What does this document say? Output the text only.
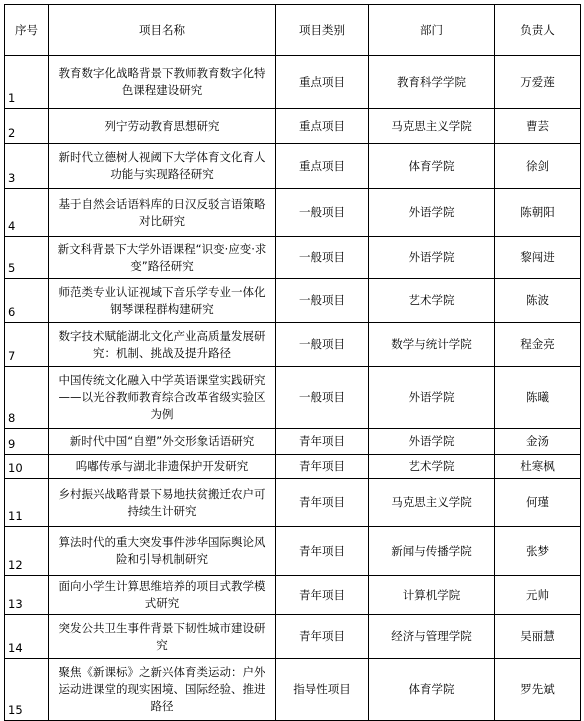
序号	项目名称	项目类别	部门	负责人
1	教育数字化战略背景下教师教育数字化特色课程建设研究	重点项目	教育科学学院	万爱莲
2	列宁劳动教育思想研究	重点项目	马克思主义学院	曹芸
3	新时代立德树人视阈下大学体育文化育人功能与实现路径研究	重点项目	体育学院	徐剑
4	基于自然会话语料库的日汉反驳言语策略对比研究	一般项目	外语学院	陈朝阳
5	新文科背景下大学外语课程“识变·应变·求变”路径研究	一般项目	外语学院	黎闯进
6	师范类专业认证视域下音乐学专业一体化钢琴课程群构建研究	一般项目	艺术学院	陈波
7	数字技术赋能湖北文化产业高质量发展研究：机制、挑战及提升路径	一般项目	数学与统计学院	程金亮
8	中国传统文化融入中学英语课堂实践研究——以光谷教师教育综合改革省级实验区为例	一般项目	外语学院	陈曦
9	新时代中国“自塑”外交形象话语研究	青年项目	外语学院	金汤
10	呜嘟传承与湖北非遗保护开发研究	青年项目	艺术学院	杜寒枫
11	乡村振兴战略背景下易地扶贫搬迁农户可持续生计研究	青年项目	马克思主义学院	何瑾
12	算法时代的重大突发事件涉华国际舆论风险和引导机制研究	青年项目	新闻与传播学院	张梦
13	面向小学生计算思维培养的项目式教学模式研究	青年项目	计算机学院	元帅
14	突发公共卫生事件背景下韧性城市建设研究	青年项目	经济与管理学院	吴丽慧
15	聚焦《新课标》之新兴体育类运动：户外运动进课堂的现实困境、国际经验、推进路径	指导性项目	体育学院	罗先斌
